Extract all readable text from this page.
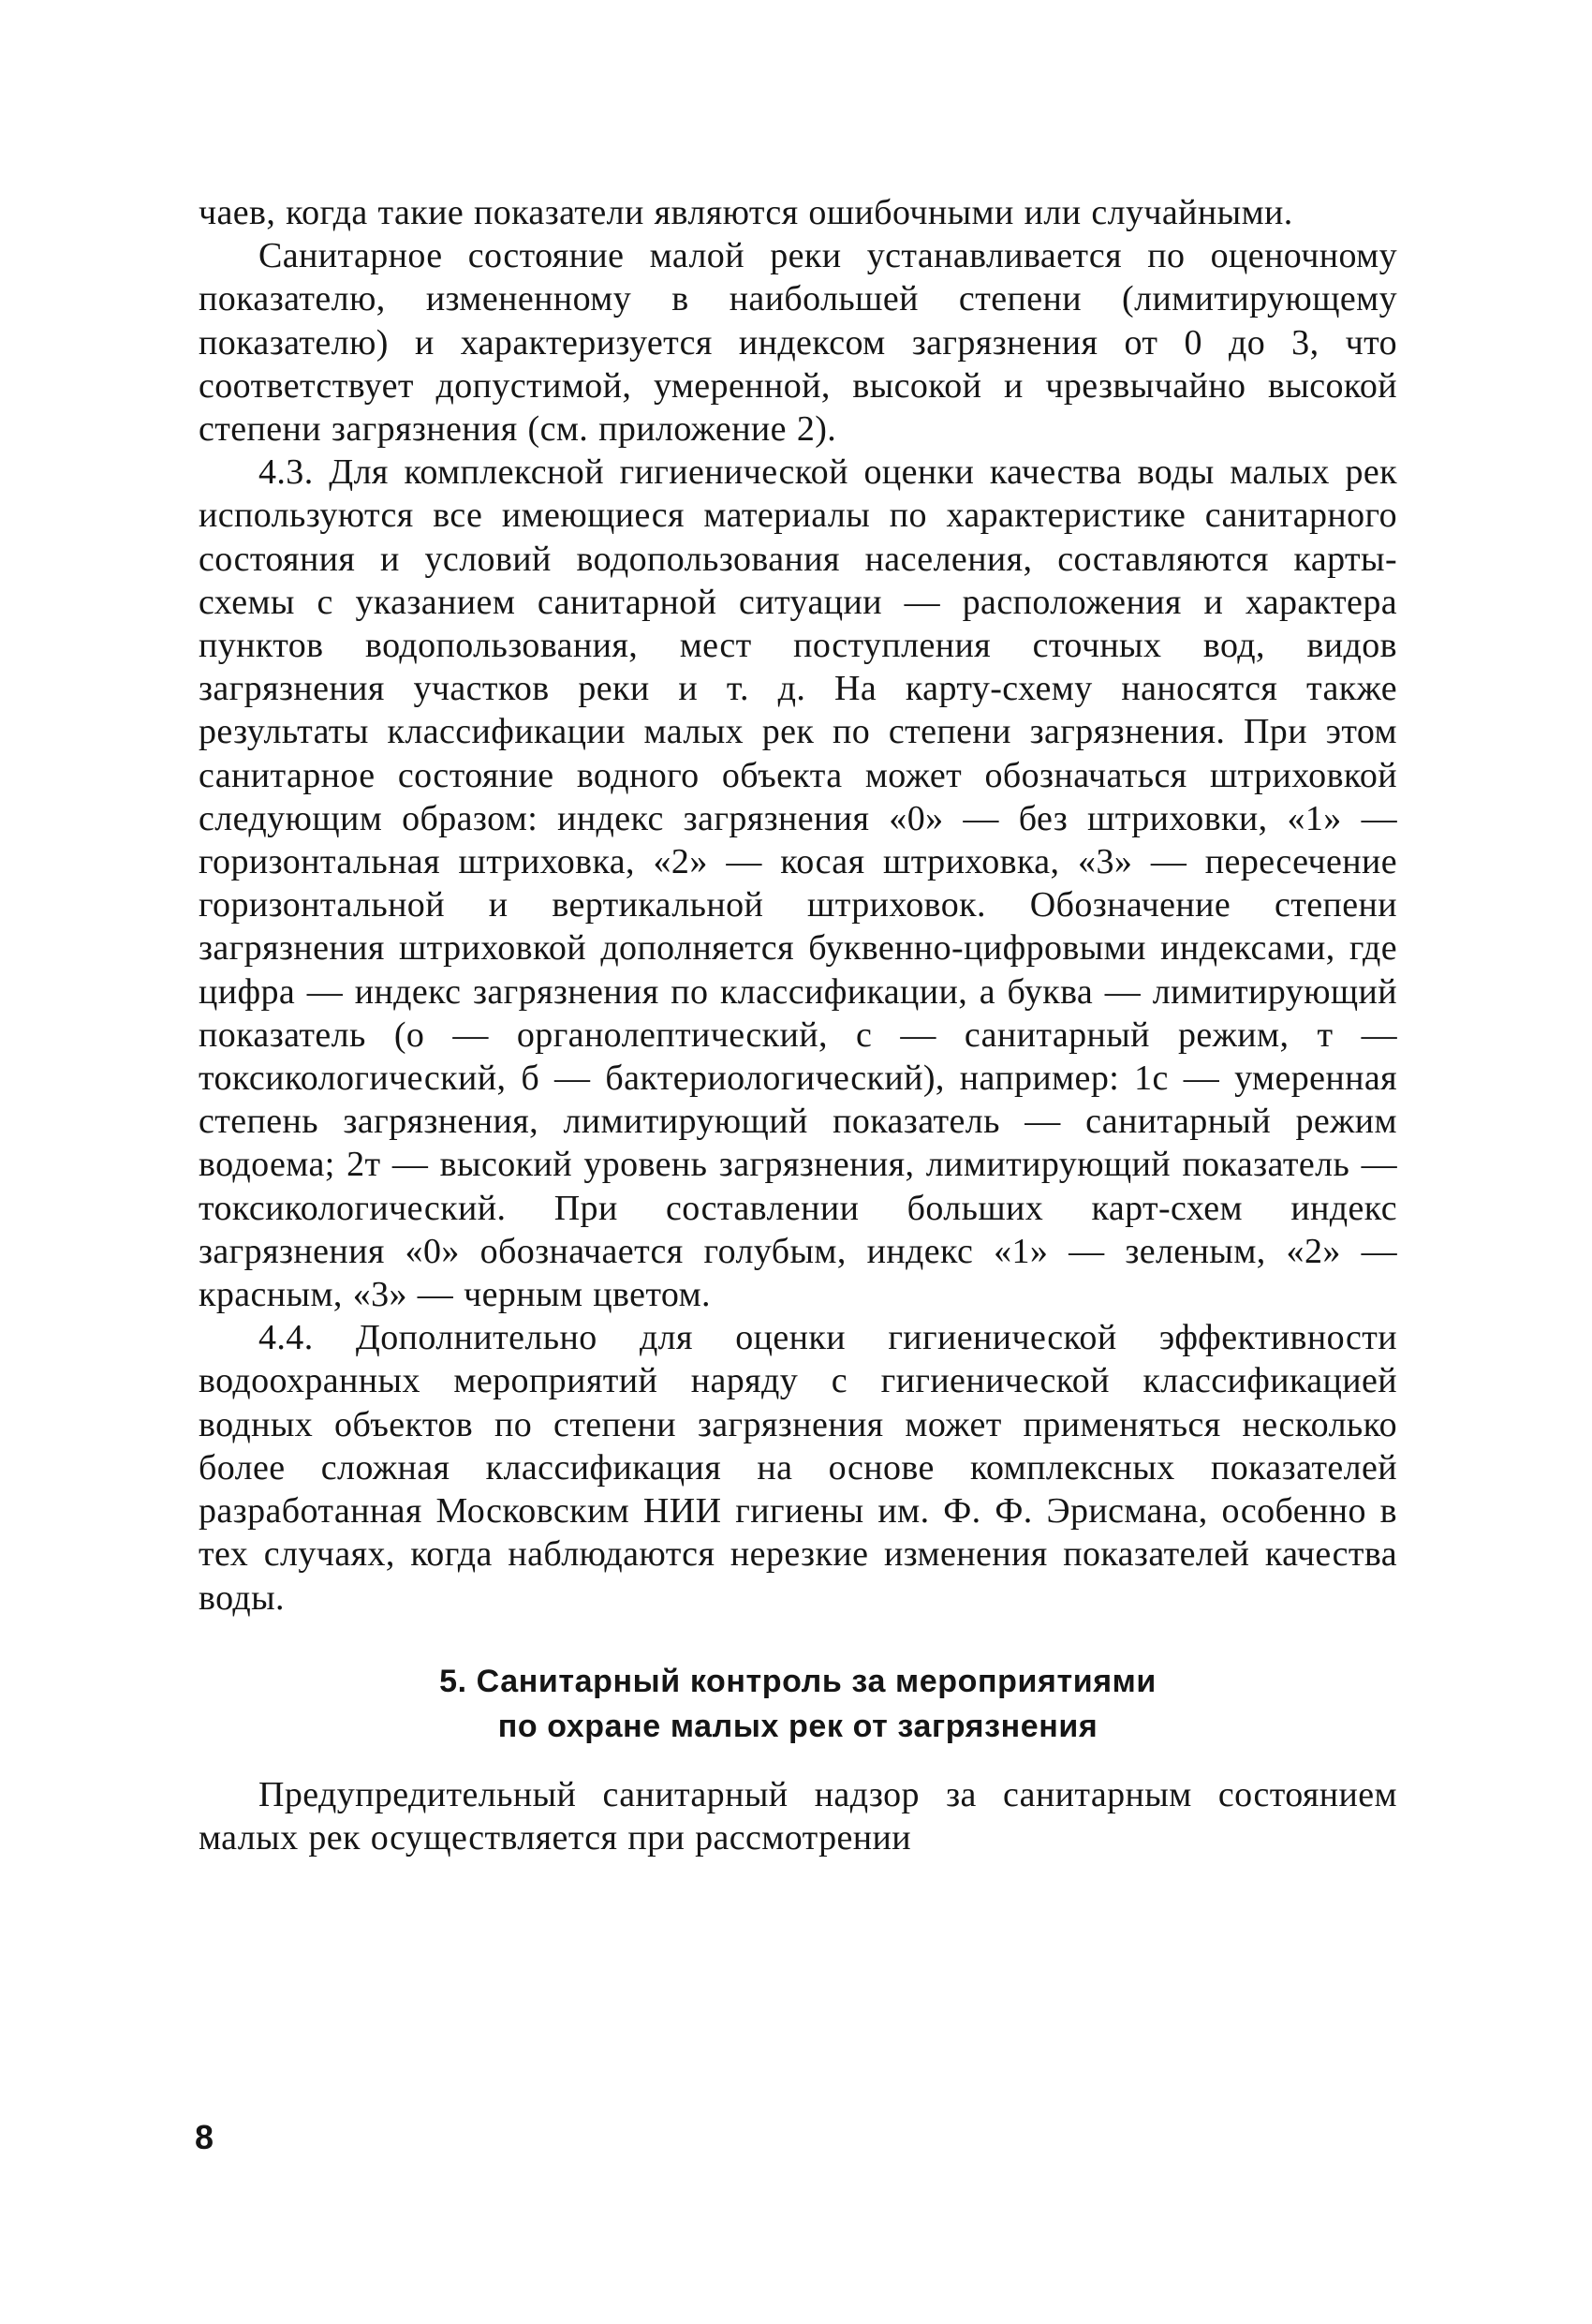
чаев, когда такие показатели являются ошибочными или случайными.

Санитарное состояние малой реки устанавливается по оценочному показателю, измененному в наибольшей степени (лимитирующему показателю) и характеризуется индексом загрязнения от 0 до 3, что соответствует допустимой, умеренной, высокой и чрезвычайно высокой степени загрязнения (см. приложение 2).

4.3. Для комплексной гигиенической оценки качества воды малых рек используются все имеющиеся материалы по характеристике санитарного состояния и условий водопользования населения, составляются карты-схемы с указанием санитарной ситуации — расположения и характера пунктов водопользования, мест поступления сточных вод, видов загрязнения участков реки и т. д. На карту-схему наносятся также результаты классификации малых рек по степени загрязнения. При этом санитарное состояние водного объекта может обозначаться штриховкой следующим образом: индекс загрязнения «0» — без штриховки, «1» — горизонтальная штриховка, «2» — косая штриховка, «3» — пересечение горизонтальной и вертикальной штриховок. Обозначение степени загрязнения штриховкой дополняется буквенно-цифровыми индексами, где цифра — индекс загрязнения по классификации, а буква — лимитирующий показатель (о — органолептический, с — санитарный режим, т — токсикологический, б — бактериологический), например: 1с — умеренная степень загрязнения, лимитирующий показатель — санитарный режим водоема; 2т — высокий уровень загрязнения, лимитирующий показатель — токсикологический. При составлении больших карт-схем индекс загрязнения «0» обозначается голубым, индекс «1» — зеленым, «2» — красным, «3» — черным цветом.

4.4. Дополнительно для оценки гигиенической эффективности водоохранных мероприятий наряду с гигиенической классификацией водных объектов по степени загрязнения может применяться несколько более сложная классификация на основе комплексных показателей разработанная Московским НИИ гигиены им. Ф. Ф. Эрисмана, особенно в тех случаях, когда наблюдаются нерезкие изменения показателей качества воды.

5. Санитарный контроль за мероприятиями
по охране малых рек от загрязнения

Предупредительный санитарный надзор за санитарным состоянием малых рек осуществляется при рассмотрении

8
